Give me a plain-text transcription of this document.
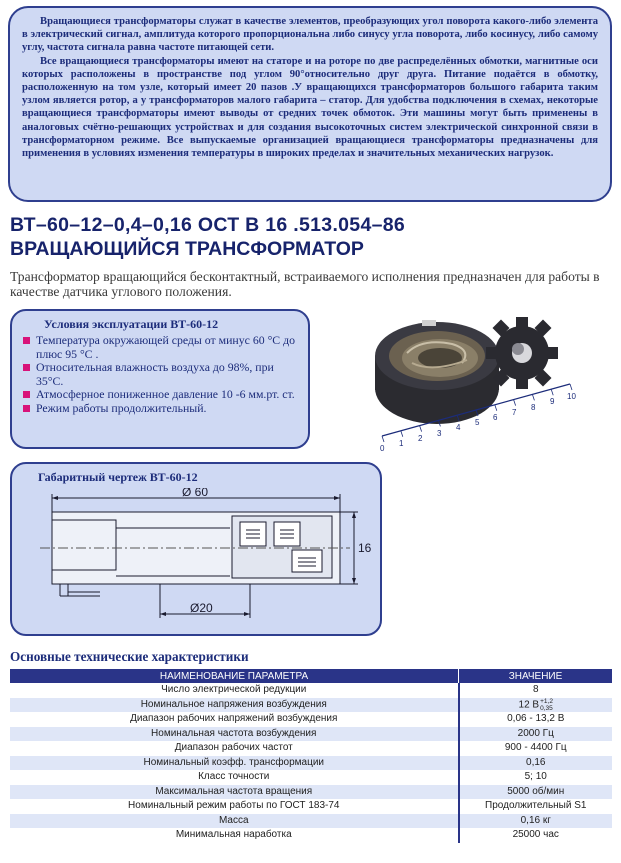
Вращающиеся трансформаторы служат в качестве элементов, преобразующих угол поворота какого-либо элемента в электрический сигнал, амплитуда которого пропорциональна либо синусу угла поворота, либо косинусу, либо самому углу, частота сигнала равна частоте питающей сети.

Все вращающиеся трансформаторы имеют на статоре и на роторе по две распределённых обмотки, магнитные оси которых расположены в пространстве под углом 90°относительно друг друга. Питание подаётся в обмотку, расположенную на том узле, который имеет 20 пазов .У вращающихся трансформаторов большого габарита таким узлом является ротор, а у трансформаторов малого габарита – статор. Для удобства подключения в схемах, некоторые вращающиеся трансформаторы имеют выводы от средних точек обмоток. Эти машины могут быть применены в аналоговых счётно-решающих устройствах и для создания высокоточных систем электрической синхронной связи в трансформаторном режиме. Все выпускаемые организацией вращающиеся трансформаторы предназначены для применения в условиях изменения температуры в широких пределах и значительных механических нагрузок.

ВТ–60–12–0,4–0,16 ОСТ В 16 .513.054–86
ВРАЩАЮЩИЙСЯ ТРАНСФОРМАТОР
Трансформатор вращающийся бесконтактный, встраиваемого исполнения предназначен для работы в качестве датчика углового положения.
Условия эксплуатации ВТ-60-12
Температура окружающей среды от минус 60 °С до плюс 95 °С .
Относительная влажность воздуха до 98%, при 35°С.
Атмосферное пониженное давление 10 -6 мм.рт. ст.
Режим работы продолжительный.
0
1
2
3
4
5
6
7
8
9
10
Габаритный чертеж ВТ-60-12
Ø 60
Ø20
16
Основные технические характеристики
НАИМЕНОВАНИЕ ПАРАМЕТРА	ЗНАЧЕНИЕ
Число электрической редукции	8
Номинальное напряжения возбуждения	12 В+1,2
0,35
Диапазон рабочих напряжений возбуждения	0,06 - 13,2 В
Номинальная частота возбуждения	2000 Гц
Диапазон рабочих частот	900 - 4400 Гц
Номинальный коэфф. трансформации	0,16
Класс точности	5; 10
Максимальная частота вращения	5000 об/мин
Номинальный режим работы по ГОСТ 183-74	Продолжительный S1
Масса	0,16 кг
Минимальная наработка	25000 час
